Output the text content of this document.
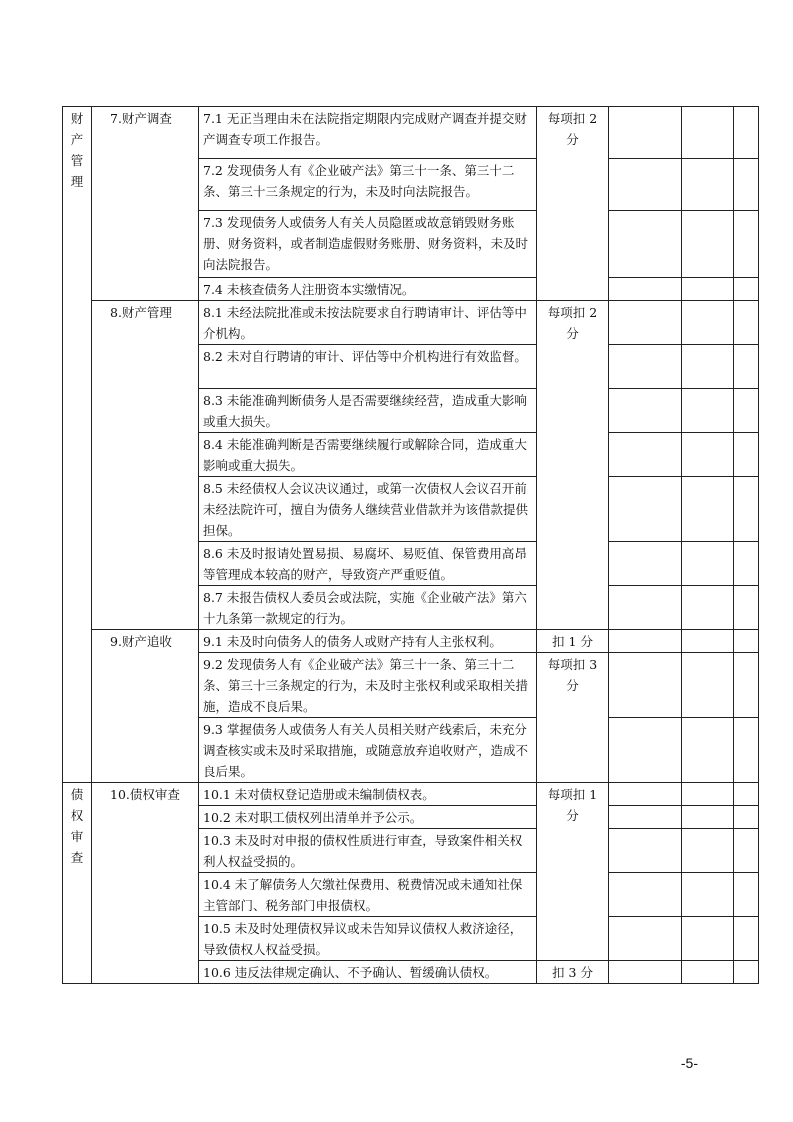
财
产
管
理	7.财产调查	7.1 无正当理由未在法院指定期限内完成财产调查并提交财产调查专项工作报告。	每项扣 2 分			
		7.2 发现债务人有《企业破产法》第三十一条、第三十二条、第三十三条规定的行为，未及时向法院报告。				
		7.3 发现债务人或债务人有关人员隐匿或故意销毁财务账册、财务资料，或者制造虚假财务账册、财务资料，未及时向法院报告。				
		7.4 未核查债务人注册资本实缴情况。				
	8.财产管理	8.1 未经法院批准或未按法院要求自行聘请审计、评估等中介机构。	每项扣 2 分			
		8.2 未对自行聘请的审计、评估等中介机构进行有效监督。				
		8.3 未能准确判断债务人是否需要继续经营，造成重大影响或重大损失。				
		8.4 未能准确判断是否需要继续履行或解除合同，造成重大影响或重大损失。				
		8.5 未经债权人会议决议通过，或第一次债权人会议召开前未经法院许可，擅自为债务人继续营业借款并为该借款提供担保。				
		8.6 未及时报请处置易损、易腐坏、易贬值、保管费用高昂等管理成本较高的财产，导致资产严重贬值。				
		8.7 未报告债权人委员会或法院，实施《企业破产法》第六十九条第一款规定的行为。				
	9.财产追收	9.1 未及时向债务人的债务人或财产持有人主张权利。	扣 1 分			
		9.2 发现债务人有《企业破产法》第三十一条、第三十二条、第三十三条规定的行为，未及时主张权利或采取相关措施，造成不良后果。	每项扣 3 分			
		9.3 掌握债务人或债务人有关人员相关财产线索后，未充分调查核实或未及时采取措施，或随意放弃追收财产，造成不良后果。				

债
权
审
查	10.债权审查	10.1 未对债权登记造册或未编制债权表。	每项扣 1 分			
		10.2 未对职工债权列出清单并予公示。				
		10.3 未及时对申报的债权性质进行审查，导致案件相关权利人权益受损的。				
		10.4 未了解债务人欠缴社保费用、税费情况或未通知社保主管部门、税务部门申报债权。				
		10.5 未及时处理债权异议或未告知异议债权人救济途径，导致债权人权益受损。				
		10.6 违反法律规定确认、不予确认、暂缓确认债权。	扣 3 分			
-5-
